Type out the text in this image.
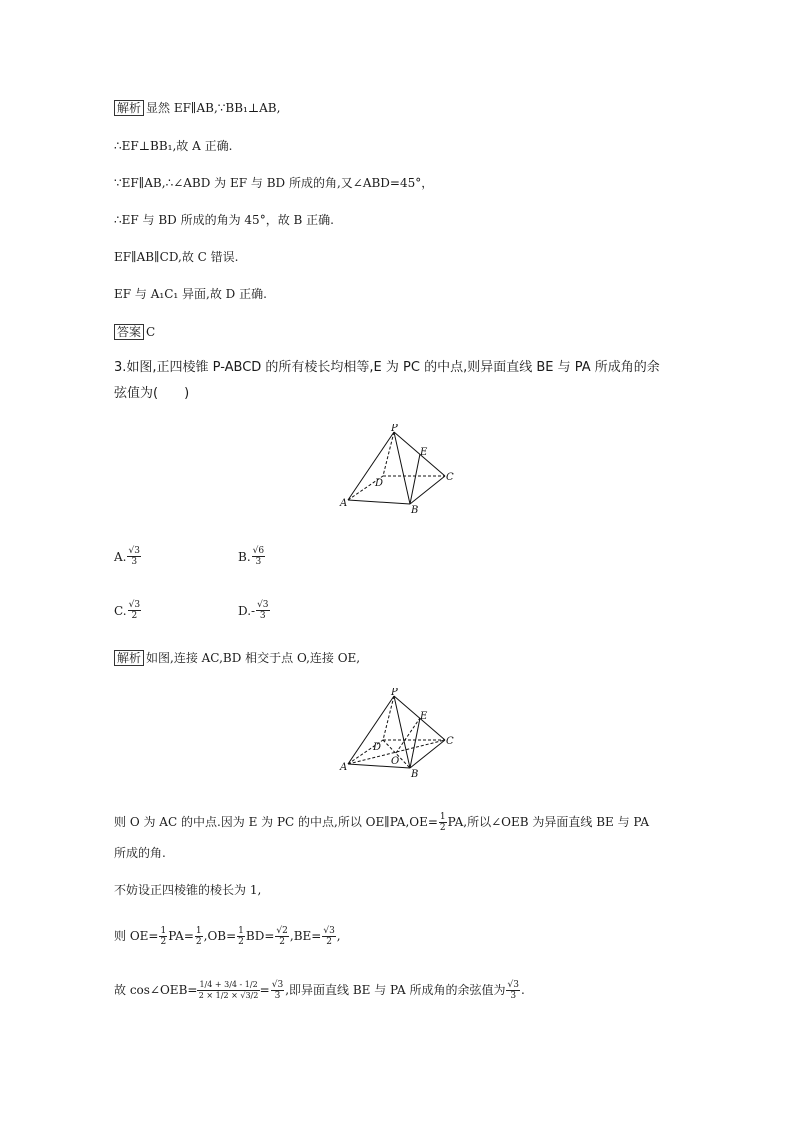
解析 显然 EF∥AB,∵BB₁⊥AB,
∴EF⊥BB₁,故 A 正确.
∵EF∥AB,∴∠ABD 为 EF 与 BD 所成的角,又∠ABD=45°，
∴EF 与 BD 所成的角为 45°，故 B 正确.
EF∥AB∥CD,故 C 错误.
EF 与 A₁C₁ 异面,故 D 正确.
答案 C
3.如图,正四棱锥 P-ABCD 的所有棱长均相等,E 为 PC 的中点,则异面直线 BE 与 PA 所成角的余
弦值为(　　)
P
E
C
D
A
B
A. $\frac{√3}{3}$	B. $\frac{√6}{3}$
C. $\frac{√3}{2}$	$D.- \frac{√3}{3}$
解析 如图,连接 AC,BD 相交于点 O,连接 OE,
P
E
C
D
A
B
O
则 O 为 AC 的中点.因为 E 为 PC 的中点,所以 OE∥PA,OE= $\frac{1}{2}$ PA,所以∠OEB 为异面直线 BE 与 PA
所成的角.
不妨设正四棱锥的棱长为 1,
则 $OE= \frac{1}{2} PA= \frac{1}{2} ,OB= \frac{1}{2} BD= \frac{√2}{2} ,BE= \frac{√3}{2}$ ,
故 cos∠OEB= $\frac{1/4 + 3/4 - 1/2}{2 \times 1/2 \times √3/2} = \frac{√3}{3}$ ,即异面直线 BE 与 PA 所成角的余弦值为 $\frac{√3}{3}$ .
